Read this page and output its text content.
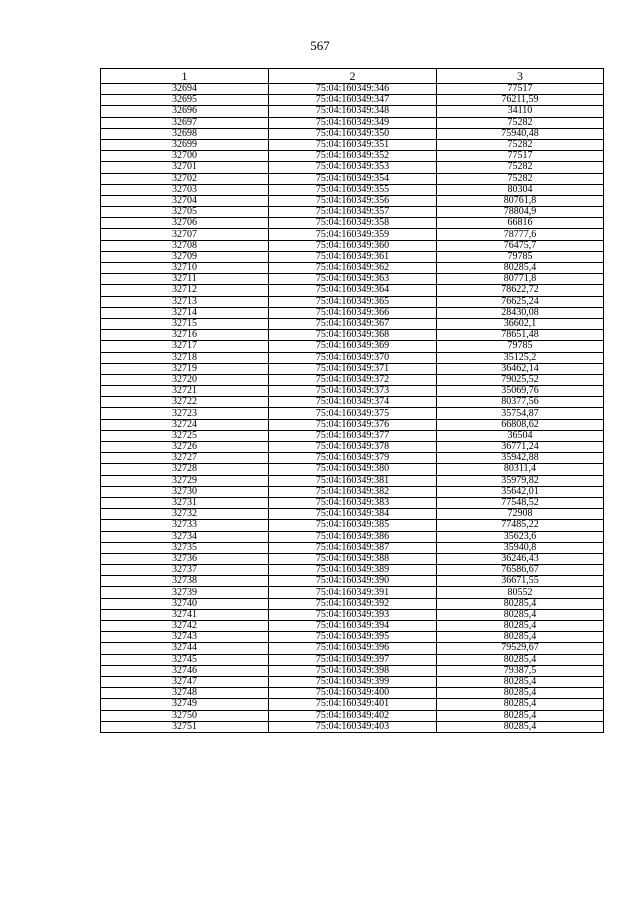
567
1	2	3
32694	75:04:160349:346	77517
32695	75:04:160349:347	76211,59
32696	75:04:160349:348	34110
32697	75:04:160349:349	75282
32698	75:04:160349:350	75940,48
32699	75:04:160349:351	75282
32700	75:04:160349:352	77517
32701	75:04:160349:353	75282
32702	75:04:160349:354	75282
32703	75:04:160349:355	80304
32704	75:04:160349:356	80761,8
32705	75:04:160349:357	78804,9
32706	75:04:160349:358	66816
32707	75:04:160349:359	78777,6
32708	75:04:160349:360	76475,7
32709	75:04:160349:361	79785
32710	75:04:160349:362	80285,4
32711	75:04:160349:363	80771,8
32712	75:04:160349:364	78622,72
32713	75:04:160349:365	76625,24
32714	75:04:160349:366	28430,08
32715	75:04:160349:367	36602,1
32716	75:04:160349:368	78651,48
32717	75:04:160349:369	79785
32718	75:04:160349:370	35125,2
32719	75:04:160349:371	36462,14
32720	75:04:160349:372	79025,52
32721	75:04:160349:373	35069,76
32722	75:04:160349:374	80377,56
32723	75:04:160349:375	35754,87
32724	75:04:160349:376	66808,62
32725	75:04:160349:377	36504
32726	75:04:160349:378	36771,24
32727	75:04:160349:379	35942,88
32728	75:04:160349:380	80311,4
32729	75:04:160349:381	35979,82
32730	75:04:160349:382	35642,01
32731	75:04:160349:383	77548,52
32732	75:04:160349:384	72908
32733	75:04:160349:385	77485,22
32734	75:04:160349:386	35623,6
32735	75:04:160349:387	35940,8
32736	75:04:160349:388	36246,43
32737	75:04:160349:389	76586,67
32738	75:04:160349:390	36671,55
32739	75:04:160349:391	80552
32740	75:04:160349:392	80285,4
32741	75:04:160349:393	80285,4
32742	75:04:160349:394	80285,4
32743	75:04:160349:395	80285,4
32744	75:04:160349:396	79529,67
32745	75:04:160349:397	80285,4
32746	75:04:160349:398	79387,5
32747	75:04:160349:399	80285,4
32748	75:04:160349:400	80285,4
32749	75:04:160349:401	80285,4
32750	75:04:160349:402	80285,4
32751	75:04:160349:403	80285,4
